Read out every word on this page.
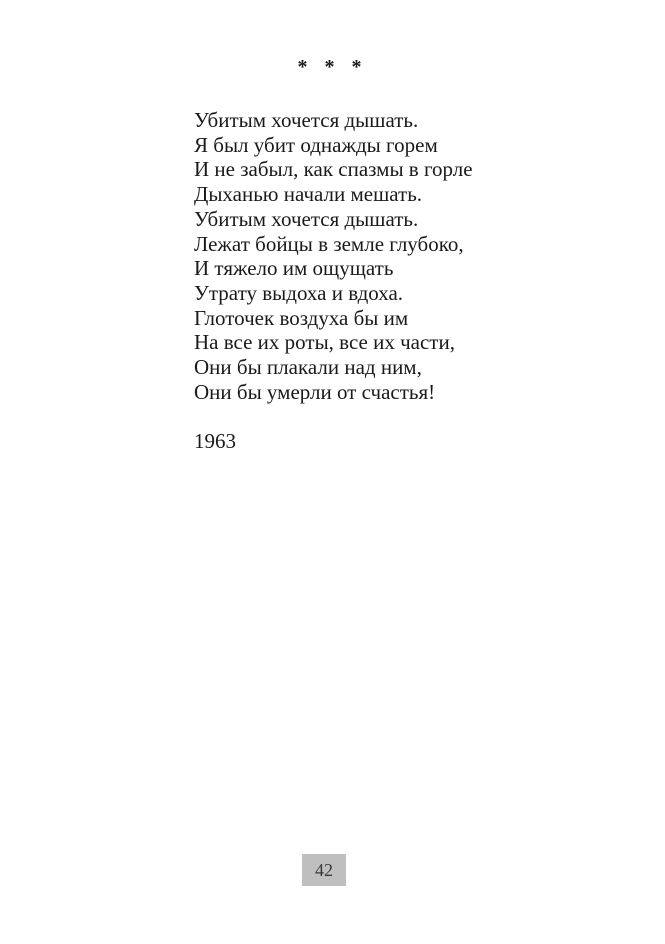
* * *
Убитым хочется дышать.
Я был убит однажды горем
И не забыл, как спазмы в горле
Дыханью начали мешать.
Убитым хочется дышать.
Лежат бойцы в земле глубоко,
И тяжело им ощущать
Утрату выдоха и вдоха.
Глоточек воздуха бы им
На все их роты, все их части,
Они бы плакали над ним,
Они бы умерли от счастья!
1963
42
